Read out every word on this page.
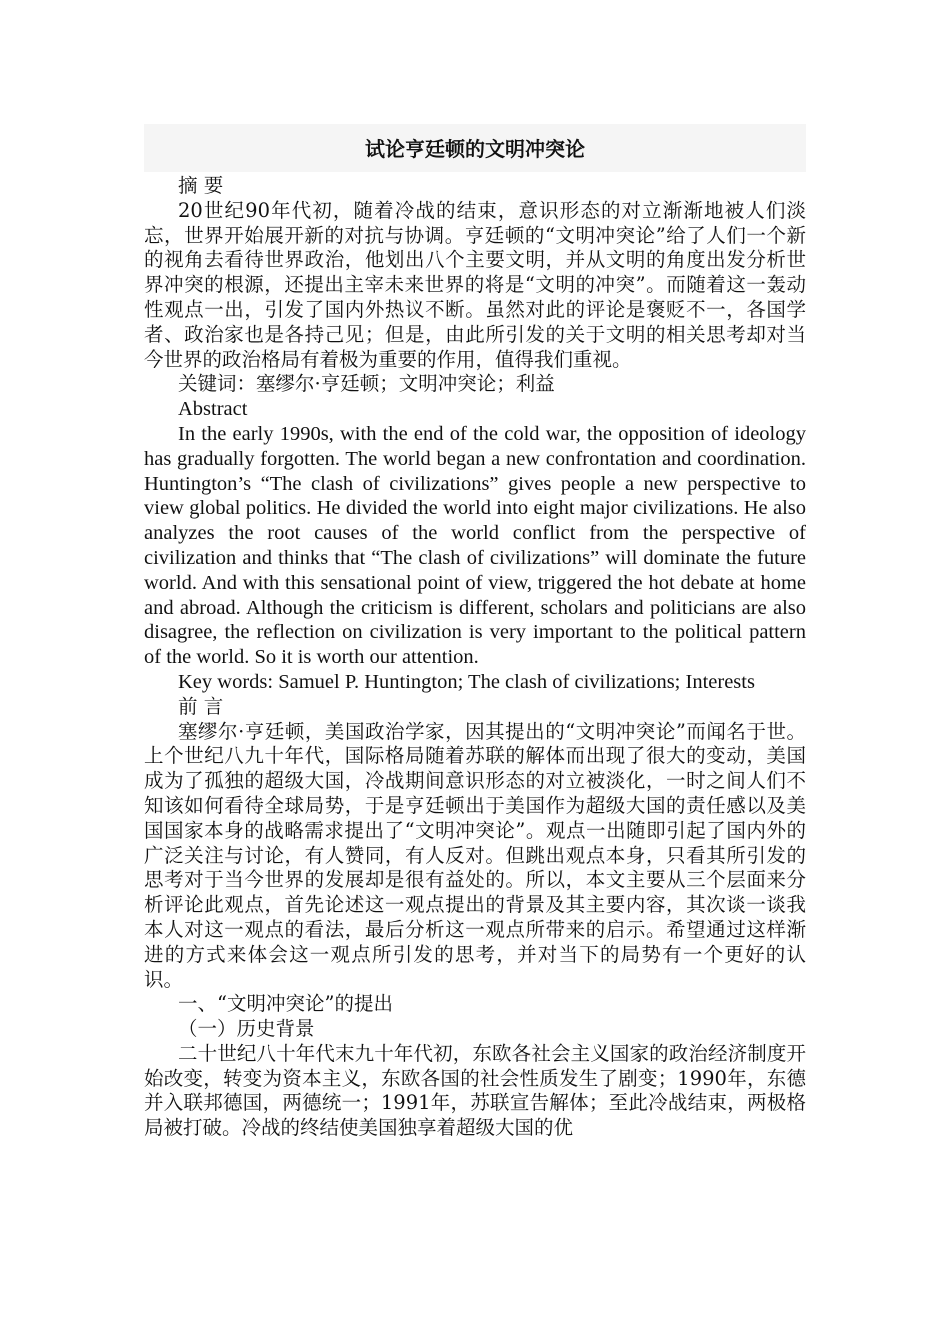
试论亨廷顿的文明冲突论

摘 要

20世纪90年代初，随着冷战的结束，意识形态的对立渐渐地被人们淡忘，世界开始展开新的对抗与协调。亨廷顿的“文明冲突论”给了人们一个新的视角去看待世界政治，他划出八个主要文明，并从文明的角度出发分析世界冲突的根源，还提出主宰未来世界的将是“文明的冲突”。而随着这一轰动性观点一出，引发了国内外热议不断。虽然对此的评论是褒贬不一，各国学者、政治家也是各持己见；但是，由此所引发的关于文明的相关思考却对当今世界的政治格局有着极为重要的作用，值得我们重视。

关键词：塞缪尔·亨廷顿；文明冲突论；利益

Abstract

In the early 1990s, with the end of the cold war, the opposition of ideology has gradually forgotten. The world began a new confrontation and coordination. Huntington’s “The clash of civilizations” gives people a new perspective to view global politics. He divided the world into eight major civilizations. He also analyzes the root causes of the world conflict from the perspective of civilization and thinks that “The clash of civilizations” will dominate the future world. And with this sensational point of view, triggered the hot debate at home and abroad. Although the criticism is different, scholars and politicians are also disagree, the reflection on civilization is very important to the political pattern of the world. So it is worth our attention.

Key words: Samuel P. Huntington; The clash of civilizations; Interests

前 言

塞缪尔·亨廷顿，美国政治学家，因其提出的“文明冲突论”而闻名于世。上个世纪八九十年代，国际格局随着苏联的解体而出现了很大的变动，美国成为了孤独的超级大国，冷战期间意识形态的对立被淡化，一时之间人们不知该如何看待全球局势，于是亨廷顿出于美国作为超级大国的责任感以及美国国家本身的战略需求提出了“文明冲突论”。观点一出随即引起了国内外的广泛关注与讨论，有人赞同，有人反对。但跳出观点本身，只看其所引发的思考对于当今世界的发展却是很有益处的。所以，本文主要从三个层面来分析评论此观点，首先论述这一观点提出的背景及其主要内容，其次谈一谈我本人对这一观点的看法，最后分析这一观点所带来的启示。希望通过这样渐进的方式来体会这一观点所引发的思考，并对当下的局势有一个更好的认识。

一、“文明冲突论”的提出

（一）历史背景

二十世纪八十年代末九十年代初，东欧各社会主义国家的政治经济制度开始改变，转变为资本主义，东欧各国的社会性质发生了剧变；1990年，东德并入联邦德国，两德统一；1991年，苏联宣告解体；至此冷战结束，两极格局被打破。冷战的终结使美国独享着超级大国的优
